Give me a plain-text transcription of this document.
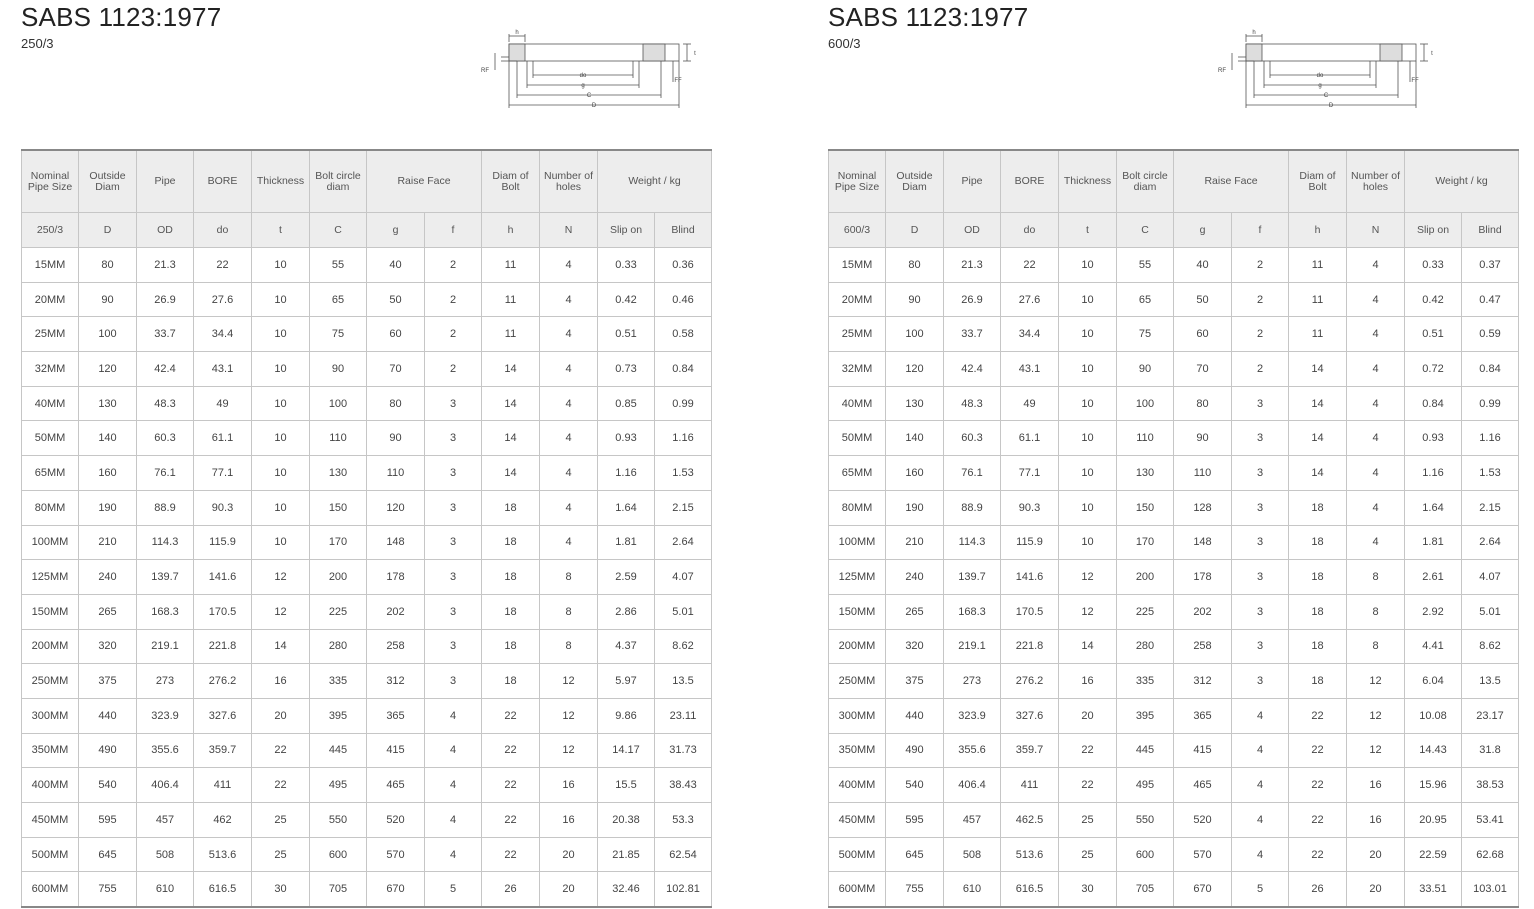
SABS 1123:1977
250/3
h
t
RF
FF
do
g
C
D
Nominal Pipe Size	Outside Diam	Pipe	BORE	Thickness	Bolt circle diam	Raise Face		Diam of Bolt	Number of holes	Weight / kg	
250/3	D	OD	do	t	C	g	f	h	N	Slip on	Blind
15MM	80	21.3	22	10	55	40	2	11	4	0.33	0.36
20MM	90	26.9	27.6	10	65	50	2	11	4	0.42	0.46
25MM	100	33.7	34.4	10	75	60	2	11	4	0.51	0.58
32MM	120	42.4	43.1	10	90	70	2	14	4	0.73	0.84
40MM	130	48.3	49	10	100	80	3	14	4	0.85	0.99
50MM	140	60.3	61.1	10	110	90	3	14	4	0.93	1.16
65MM	160	76.1	77.1	10	130	110	3	14	4	1.16	1.53
80MM	190	88.9	90.3	10	150	120	3	18	4	1.64	2.15
100MM	210	114.3	115.9	10	170	148	3	18	4	1.81	2.64
125MM	240	139.7	141.6	12	200	178	3	18	8	2.59	4.07
150MM	265	168.3	170.5	12	225	202	3	18	8	2.86	5.01
200MM	320	219.1	221.8	14	280	258	3	18	8	4.37	8.62
250MM	375	273	276.2	16	335	312	3	18	12	5.97	13.5
300MM	440	323.9	327.6	20	395	365	4	22	12	9.86	23.11
350MM	490	355.6	359.7	22	445	415	4	22	12	14.17	31.73
400MM	540	406.4	411	22	495	465	4	22	16	15.5	38.43
450MM	595	457	462	25	550	520	4	22	16	20.38	53.3
500MM	645	508	513.6	25	600	570	4	22	20	21.85	62.54
600MM	755	610	616.5	30	705	670	5	26	20	32.46	102.81
SABS 1123:1977
600/3
h
t
RF
FF
do
g
C
D
Nominal Pipe Size	Outside Diam	Pipe	BORE	Thickness	Bolt circle diam	Raise Face		Diam of Bolt	Number of holes	Weight / kg	
600/3	D	OD	do	t	C	g	f	h	N	Slip on	Blind
15MM	80	21.3	22	10	55	40	2	11	4	0.33	0.37
20MM	90	26.9	27.6	10	65	50	2	11	4	0.42	0.47
25MM	100	33.7	34.4	10	75	60	2	11	4	0.51	0.59
32MM	120	42.4	43.1	10	90	70	2	14	4	0.72	0.84
40MM	130	48.3	49	10	100	80	3	14	4	0.84	0.99
50MM	140	60.3	61.1	10	110	90	3	14	4	0.93	1.16
65MM	160	76.1	77.1	10	130	110	3	14	4	1.16	1.53
80MM	190	88.9	90.3	10	150	128	3	18	4	1.64	2.15
100MM	210	114.3	115.9	10	170	148	3	18	4	1.81	2.64
125MM	240	139.7	141.6	12	200	178	3	18	8	2.61	4.07
150MM	265	168.3	170.5	12	225	202	3	18	8	2.92	5.01
200MM	320	219.1	221.8	14	280	258	3	18	8	4.41	8.62
250MM	375	273	276.2	16	335	312	3	18	12	6.04	13.5
300MM	440	323.9	327.6	20	395	365	4	22	12	10.08	23.17
350MM	490	355.6	359.7	22	445	415	4	22	12	14.43	31.8
400MM	540	406.4	411	22	495	465	4	22	16	15.96	38.53
450MM	595	457	462.5	25	550	520	4	22	16	20.95	53.41
500MM	645	508	513.6	25	600	570	4	22	20	22.59	62.68
600MM	755	610	616.5	30	705	670	5	26	20	33.51	103.01
